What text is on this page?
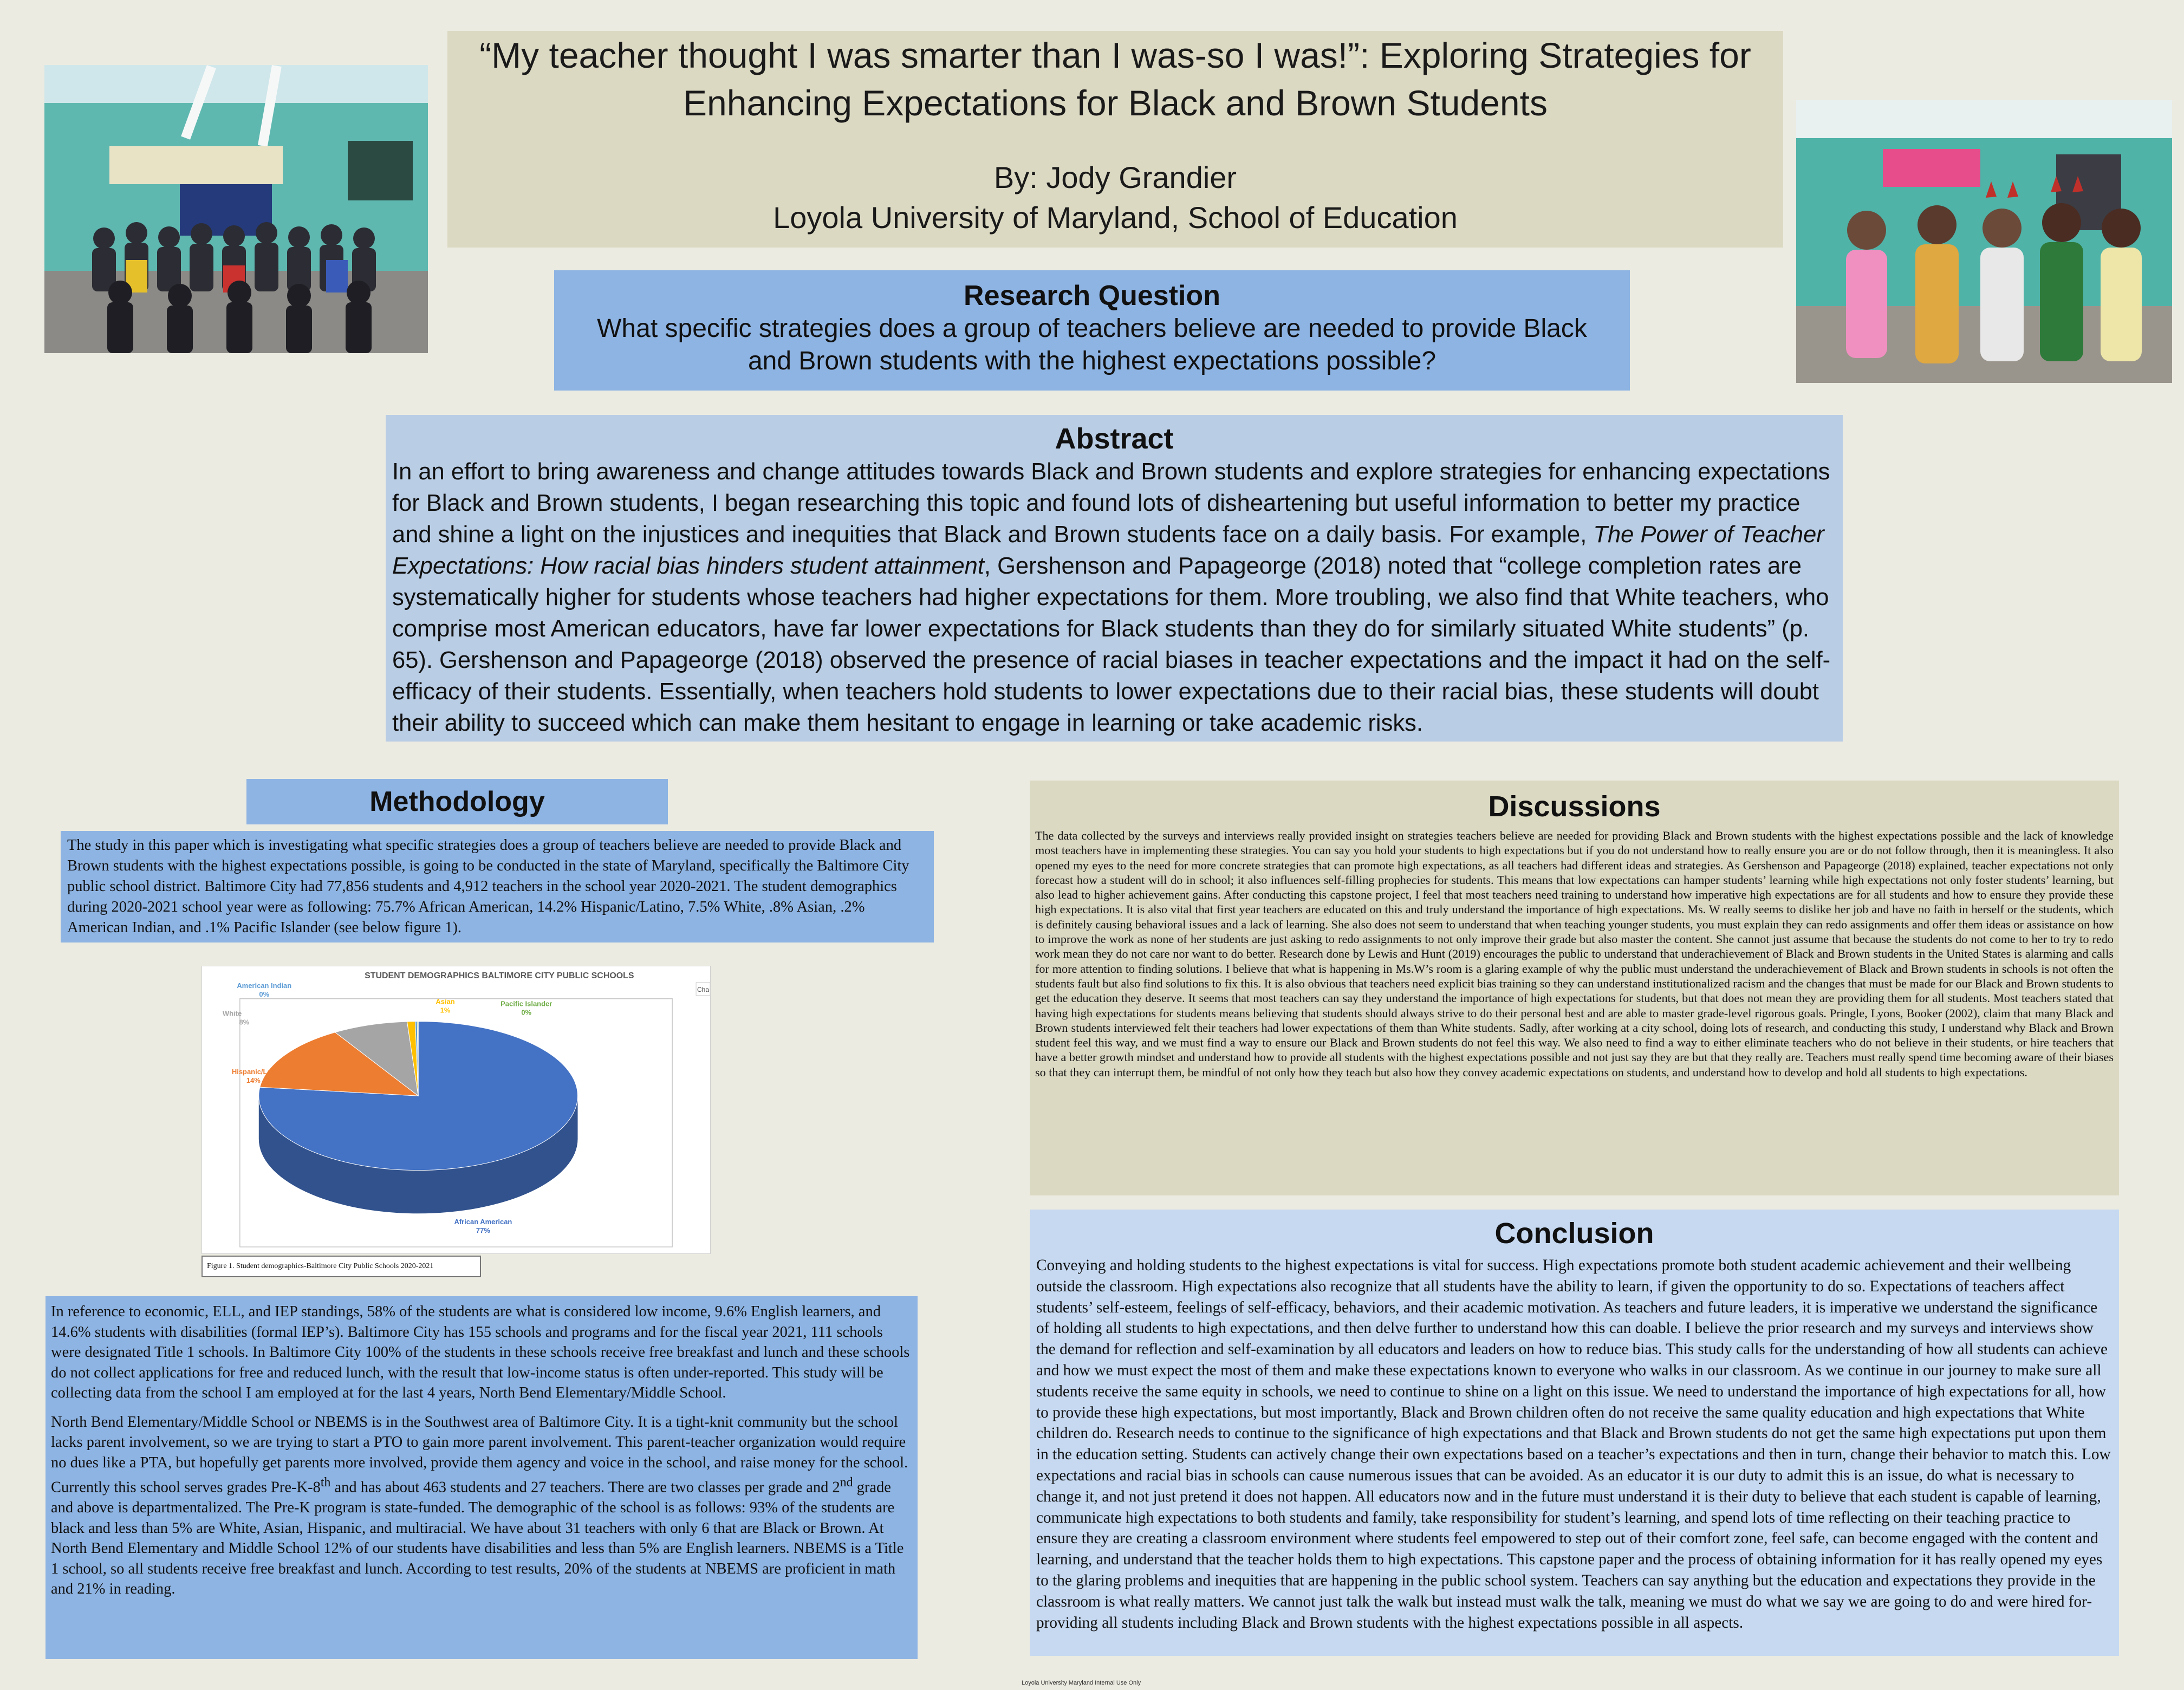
“My teacher thought I was smarter than I was-so I was!”: Exploring Strategies for
Enhancing Expectations for Black and Brown Students
By: Jody Grandier
Loyola University of Maryland, School of Education
Research Question
What specific strategies does a group of teachers believe are needed to provide Black and Brown students with the highest expectations possible?
Abstract
In an effort to bring awareness and change attitudes towards Black and Brown students and explore strategies for enhancing expectations for Black and Brown students, I began researching this topic and found lots of disheartening but useful information to better my practice and shine a light on the injustices and inequities that Black and Brown students face on a daily basis. For example, The Power of Teacher Expectations: How racial bias hinders student attainment, Gershenson and Papageorge (2018) noted that “college completion rates are systematically higher for students whose teachers had higher expectations for them. More troubling, we also find that White teachers, who comprise most American educators, have far lower expectations for Black students than they do for similarly situated White students” (p. 65). Gershenson and Papageorge (2018) observed the presence of racial biases in teacher expectations and the impact it had on the self-efficacy of their students. Essentially, when teachers hold students to lower expectations due to their racial bias, these students will doubt their ability to succeed which can make them hesitant to engage in learning or take academic risks.
Methodology
The study in this paper which is investigating what specific strategies does a group of teachers believe are needed to provide Black and Brown students with the highest expectations possible, is going to be conducted in the state of Maryland, specifically the Baltimore City public school district. Baltimore City had 77,856 students and 4,912 teachers in the school year 2020-2021. The student demographics during 2020-2021 school year were as following: 75.7% African American, 14.2% Hispanic/Latino, 7.5% White, .8% Asian, .2% American Indian, and .1% Pacific Islander (see below figure 1).
Cha
STUDENT DEMOGRAPHICS BALTIMORE CITY PUBLIC SCHOOLS
African American
77%
Hispanic/Latino
14%
White
8%
Asian
1%
American Indian
0%
Pacific Islander
0%
Figure 1. Student demographics-Baltimore City Public Schools 2020-2021

In reference to economic, ELL, and IEP standings, 58% of the students are what is considered low income, 9.6% English learners, and 14.6% students with disabilities (formal IEP’s). Baltimore City has 155 schools and programs and for the fiscal year 2021, 111 schools were designated Title 1 schools. In Baltimore City 100% of the students in these schools receive free breakfast and lunch and these schools do not collect applications for free and reduced lunch, with the result that low-income status is often under-reported. This study will be collecting data from the school I am employed at for the last 4 years, North Bend Elementary/Middle School.

North Bend Elementary/Middle School or NBEMS is in the Southwest area of Baltimore City. It is a tight-knit community but the school lacks parent involvement, so we are trying to start a PTO to gain more parent involvement. This parent-teacher organization would require no dues like a PTA, but hopefully get parents more involved, provide them agency and voice in the school, and raise money for the school. Currently this school serves grades Pre-K-8th and has about 463 students and 27 teachers. There are two classes per grade and 2nd grade and above is departmentalized. The Pre-K program is state-funded. The demographic of the school is as follows: 93% of the students are black and less than 5% are White, Asian, Hispanic, and multiracial. We have about 31 teachers with only 6 that are Black or Brown. At North Bend Elementary and Middle School 12% of our students have disabilities and less than 5% are English learners. NBEMS is a Title 1 school, so all students receive free breakfast and lunch. According to test results, 20% of the students at NBEMS are proficient in math and 21% in reading.

Discussions
The data collected by the surveys and interviews really provided insight on strategies teachers believe are needed for providing Black and Brown students with the highest expectations possible and the lack of knowledge most teachers have in implementing these strategies. You can say you hold your students to high expectations but if you do not understand how to really ensure you are or do not follow through, then it is meaningless. It also opened my eyes to the need for more concrete strategies that can promote high expectations, as all teachers had different ideas and strategies. As Gershenson and Papageorge (2018) explained, teacher expectations not only forecast how a student will do in school; it also influences self-filling prophecies for students. This means that low expectations can hamper students’ learning while high expectations not only foster students’ learning, but also lead to higher achievement gains. After conducting this capstone project, I feel that most teachers need training to understand how imperative high expectations are for all students and how to ensure they provide these high expectations. It is also vital that first year teachers are educated on this and truly understand the importance of high expectations. Ms. W really seems to dislike her job and have no faith in herself or the students, which is definitely causing behavioral issues and a lack of learning. She also does not seem to understand that when teaching younger students, you must explain they can redo assignments and offer them ideas or assistance on how to improve the work as none of her students are just asking to redo assignments to not only improve their grade but also master the content. She cannot just assume that because the students do not come to her to try to redo work mean they do not care nor want to do better. Research done by Lewis and Hunt (2019) encourages the public to understand that underachievement of Black and Brown students in the United States is alarming and calls for more attention to finding solutions. I believe that what is happening in Ms.W’s room is a glaring example of why the public must understand the underachievement of Black and Brown students in schools is not often the students fault but also find solutions to fix this. It is also obvious that teachers need explicit bias training so they can understand institutionalized racism and the changes that must be made for our Black and Brown students to get the education they deserve. It seems that most teachers can say they understand the importance of high expectations for students, but that does not mean they are providing them for all students. Most teachers stated that having high expectations for students means believing that students should always strive to do their personal best and are able to master grade-level rigorous goals. Pringle, Lyons, Booker (2002), claim that many Black and Brown students interviewed felt their teachers had lower expectations of them than White students. Sadly, after working at a city school, doing lots of research, and conducting this study, I understand why Black and Brown student feel this way, and we must find a way to ensure our Black and Brown students do not feel this way. We also need to find a way to either eliminate teachers who do not believe in their students, or hire teachers that have a better growth mindset and understand how to provide all students with the highest expectations possible and not just say they are but that they really are. Teachers must really spend time becoming aware of their biases so that they can interrupt them, be mindful of not only how they teach but also how they convey academic expectations on students, and understand how to develop and hold all students to high expectations.
Conclusion
Conveying and holding students to the highest expectations is vital for success. High expectations promote both student academic achievement and their wellbeing outside the classroom. High expectations also recognize that all students have the ability to learn, if given the opportunity to do so. Expectations of teachers affect students’ self-esteem, feelings of self-efficacy, behaviors, and their academic motivation. As teachers and future leaders, it is imperative we understand the significance of holding all students to high expectations, and then delve further to understand how this can doable. I believe the prior research and my surveys and interviews show the demand for reflection and self-examination by all educators and leaders on how to reduce bias. This study calls for the understanding of how all students can achieve and how we must expect the most of them and make these expectations known to everyone who walks in our classroom. As we continue in our journey to make sure all students receive the same equity in schools, we need to continue to shine on a light on this issue. We need to understand the importance of high expectations for all, how to provide these high expectations, but most importantly, Black and Brown children often do not receive the same quality education and high expectations that White children do. Research needs to continue to the significance of high expectations and that Black and Brown students do not get the same high expectations put upon them in the education setting. Students can actively change their own expectations based on a teacher’s expectations and then in turn, change their behavior to match this. Low expectations and racial bias in schools can cause numerous issues that can be avoided. As an educator it is our duty to admit this is an issue, do what is necessary to change it, and not just pretend it does not happen. All educators now and in the future must understand it is their duty to believe that each student is capable of learning, communicate high expectations to both students and family, take responsibility for student’s learning, and spend lots of time reflecting on their teaching practice to ensure they are creating a classroom environment where students feel empowered to step out of their comfort zone, feel safe, can become engaged with the content and learning, and understand that the teacher holds them to high expectations. This capstone paper and the process of obtaining information for it has really opened my eyes to the glaring problems and inequities that are happening in the public school system. Teachers can say anything but the education and expectations they provide in the classroom is what really matters. We cannot just talk the walk but instead must walk the talk, meaning we must do what we say we are going to do and were hired for-providing all students including Black and Brown students with the highest expectations possible in all aspects.
Loyola University Maryland Internal Use Only
